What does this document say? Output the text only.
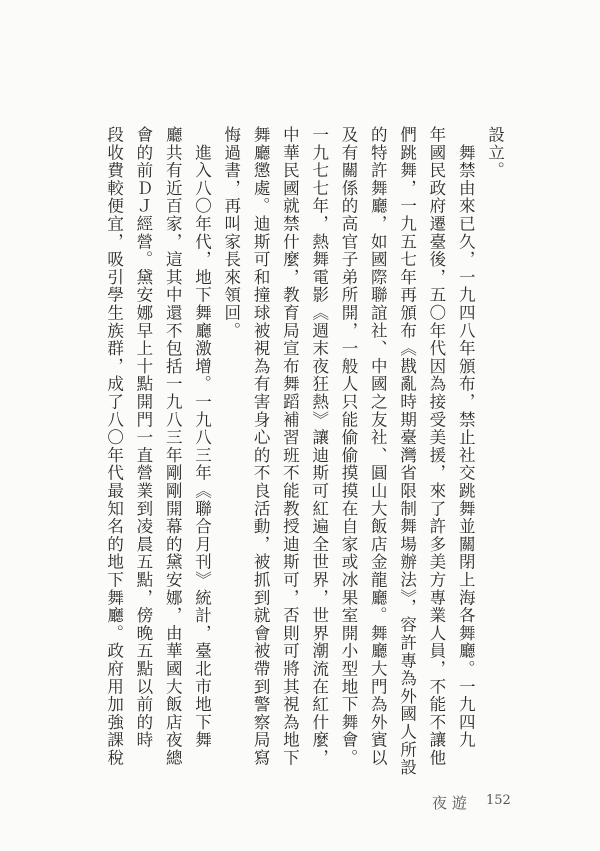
設立。
　舞禁由來已久，一九四八年頒布，禁止社交跳舞並關閉上海各舞廳。一九四九
年國民政府遷臺後，五〇年代因為接受美援，來了許多美方專業人員，不能不讓他
們跳舞，一九五七年再頒布《戡亂時期臺灣省限制舞場辦法》，容許專為外國人所設
的特許舞廳，如國際聯誼社、中國之友社、圓山大飯店金龍廳。舞廳大門為外賓以
及有關係的高官子弟所開，一般人只能偷偷摸摸在自家或冰果室開小型地下舞會。
一九七七年，熱舞電影《週末夜狂熱》讓迪斯可紅遍全世界，世界潮流在紅什麼，
中華民國就禁什麼，教育局宣布舞蹈補習班不能教授迪斯可，否則可將其視為地下
舞廳懲處。迪斯可和撞球被視為有害身心的不良活動，被抓到就會被帶到警察局寫
悔過書，再叫家長來領回。
　進入八〇年代，地下舞廳激增。一九八三年《聯合月刊》統計，臺北市地下舞
廳共有近百家，這其中還不包括一九八三年剛剛開幕的黛安娜，由華國大飯店夜總
會的前ＤＪ經營。黛安娜早上十點開門一直營業到凌晨五點，傍晚五點以前的時
段收費較便宜，吸引學生族群，成了八〇年代最知名的地下舞廳。政府用加強課稅
夜遊 152
